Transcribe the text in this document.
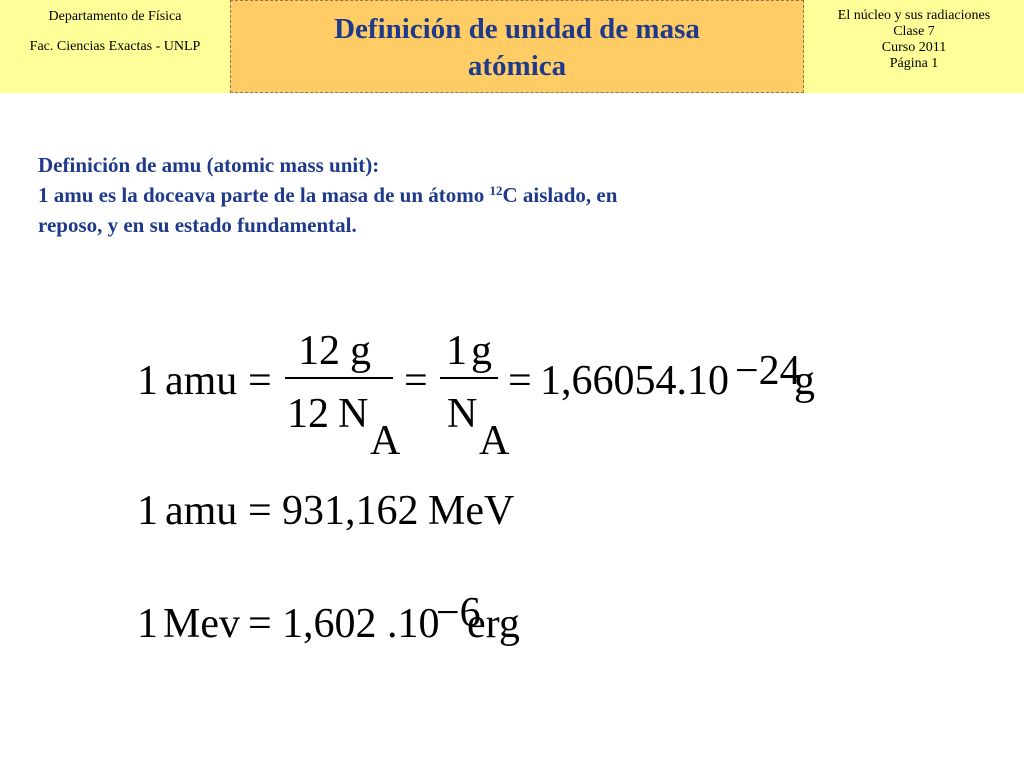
Departamento de Física
Fac. Ciencias Exactas - UNLP
Definición de unidad de masa
atómica
El núcleo y sus radiaciones
Clase 7
Curso 2011
Página 1
Definición de amu (atomic mass unit):
1 amu es la doceava parte de la masa de un átomo $^{12}$C aislado, en
reposo, y en su estado fundamental.
1 amu =
12 g
12 N
A
=
1 g
N
A
= 1,66054.10 −24
g
1 amu = 931,162 MeV
1 Mev = 1,602 .10
−6
erg
